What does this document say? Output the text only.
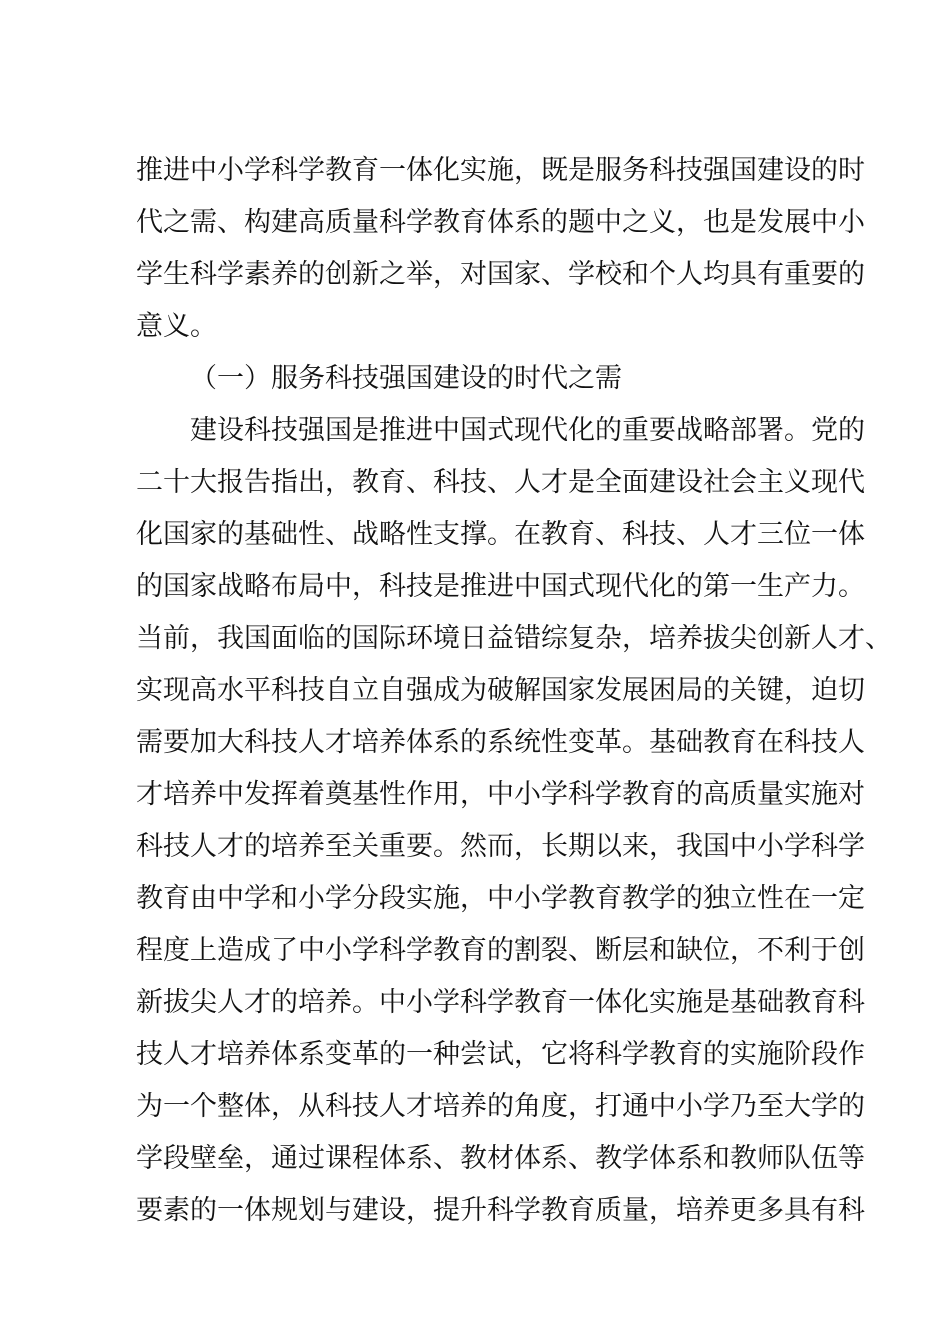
推进中小学科学教育一体化实施，既是服务科技强国建设的时
代之需、构建高质量科学教育体系的题中之义，也是发展中小
学生科学素养的创新之举，对国家、学校和个人均具有重要的
意义。
（一）服务科技强国建设的时代之需
建设科技强国是推进中国式现代化的重要战略部署。党的
二十大报告指出，教育、科技、人才是全面建设社会主义现代
化国家的基础性、战略性支撑。在教育、科技、人才三位一体
的国家战略布局中，科技是推进中国式现代化的第一生产力。
当前，我国面临的国际环境日益错综复杂，培养拔尖创新人才、
实现高水平科技自立自强成为破解国家发展困局的关键，迫切
需要加大科技人才培养体系的系统性变革。基础教育在科技人
才培养中发挥着奠基性作用，中小学科学教育的高质量实施对
科技人才的培养至关重要。然而，长期以来，我国中小学科学
教育由中学和小学分段实施，中小学教育教学的独立性在一定
程度上造成了中小学科学教育的割裂、断层和缺位，不利于创
新拔尖人才的培养。中小学科学教育一体化实施是基础教育科
技人才培养体系变革的一种尝试，它将科学教育的实施阶段作
为一个整体，从科技人才培养的角度，打通中小学乃至大学的
学段壁垒，通过课程体系、教材体系、教学体系和教师队伍等
要素的一体规划与建设，提升科学教育质量，培养更多具有科
